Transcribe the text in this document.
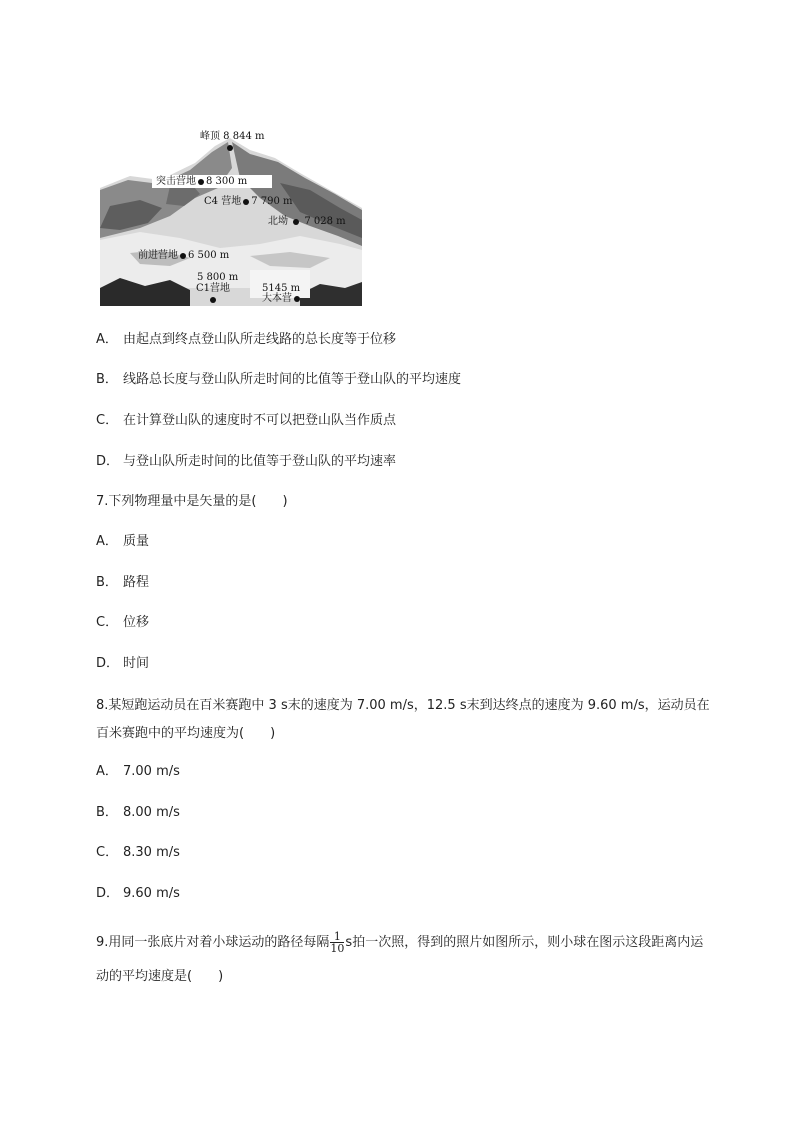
峰顶 8 844 m
突击营地 8 300 m
C4 营地 7 790 m
北坳 7 028 m
前进营地 6 500 m
5 800 m
C1营地	5145 m
大本营
A． 由起点到终点登山队所走线路的总长度等于位移
B． 线路总长度与登山队所走时间的比值等于登山队的平均速度
C． 在计算登山队的速度时不可以把登山队当作质点
D． 与登山队所走时间的比值等于登山队的平均速率
7.下列物理量中是矢量的是(　　)
A． 质量
B． 路程
C． 位移
D． 时间
8.某短跑运动员在百米赛跑中 3 s末的速度为 7.00 m/s，12.5 s末到达终点的速度为 9.60 m/s，运动员在百米赛跑中的平均速度为(　　)
A． 7.00 m/s
B． 8.00 m/s
C． 8.30 m/s
D． 9.60 m/s
9.用同一张底片对着小球运动的路径每隔 $\frac{1}{10}$ s拍一次照，得到的照片如图所示，则小球在图示这段距离内运动的平均速度是(　　)
